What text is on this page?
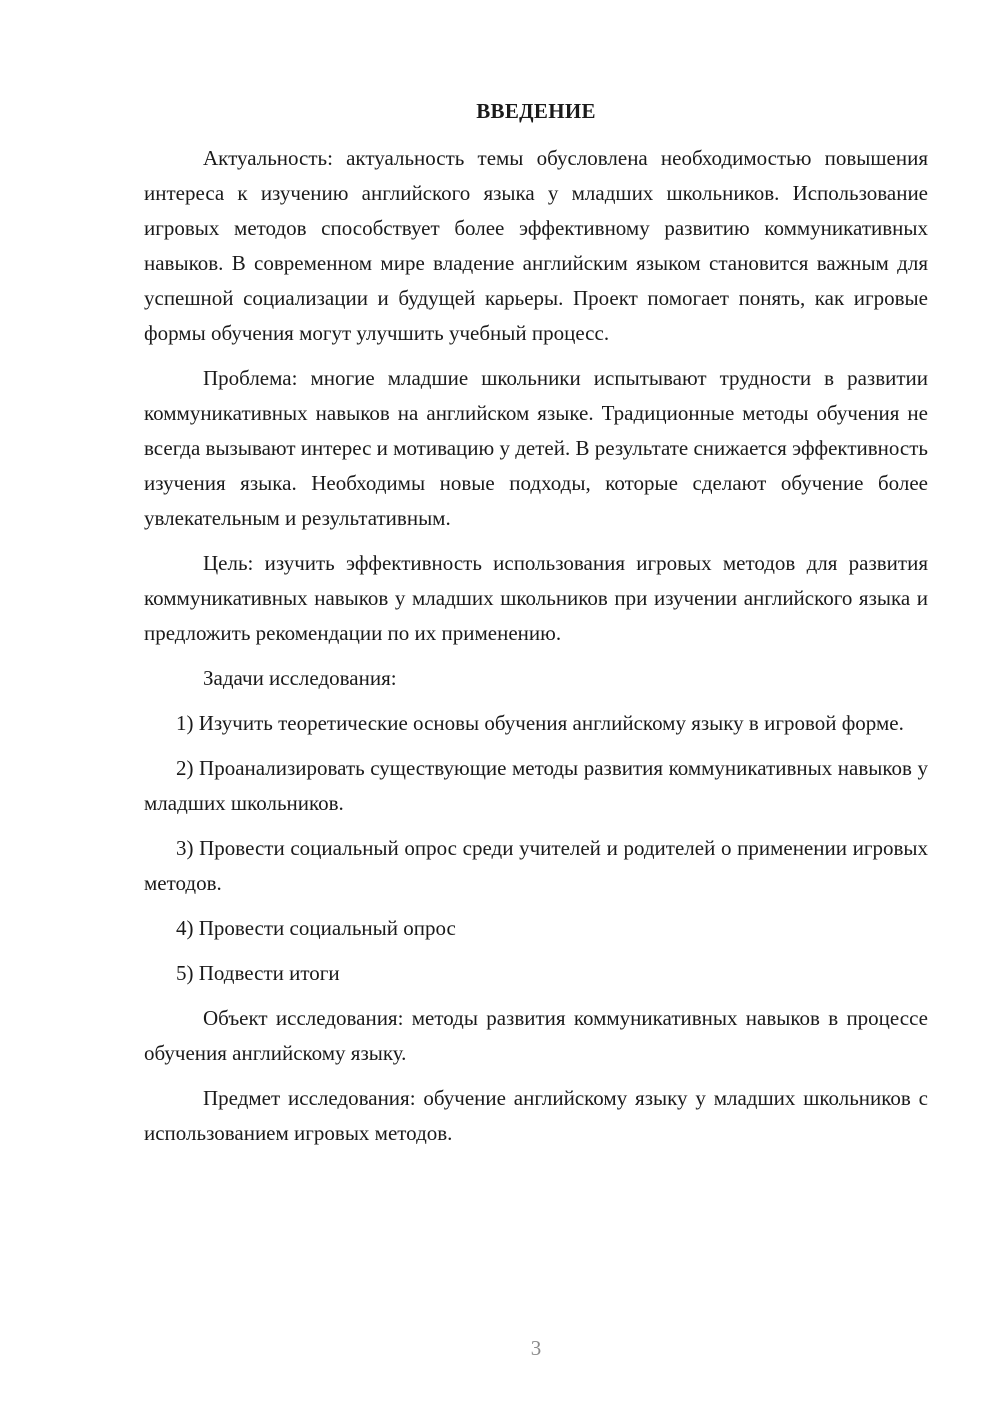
ВВЕДЕНИЕ

Актуальность: актуальность темы обусловлена необходимостью повышения интереса к изучению английского языка у младших школьников. Использование игровых методов способствует более эффективному развитию коммуникативных навыков. В современном мире владение английским языком становится важным для успешной социализации и будущей карьеры. Проект помогает понять, как игровые формы обучения могут улучшить учебный процесс.

Проблема: многие младшие школьники испытывают трудности в развитии коммуникативных навыков на английском языке. Традиционные методы обучения не всегда вызывают интерес и мотивацию у детей. В результате снижается эффективность изучения языка. Необходимы новые подходы, которые сделают обучение более увлекательным и результативным.

Цель: изучить эффективность использования игровых методов для развития коммуникативных навыков у младших школьников при изучении английского языка и предложить рекомендации по их применению.

Задачи исследования:

1) Изучить теоретические основы обучения английскому языку в игровой форме.

2) Проанализировать существующие методы развития коммуникативных навыков у младших школьников.

3) Провести социальный опрос среди учителей и родителей о применении игровых методов.

4) Провести социальный опрос

5) Подвести итоги

Объект исследования: методы развития коммуникативных навыков в процессе обучения английскому языку.

Предмет исследования: обучение английскому языку у младших школьников с использованием игровых методов.

3
